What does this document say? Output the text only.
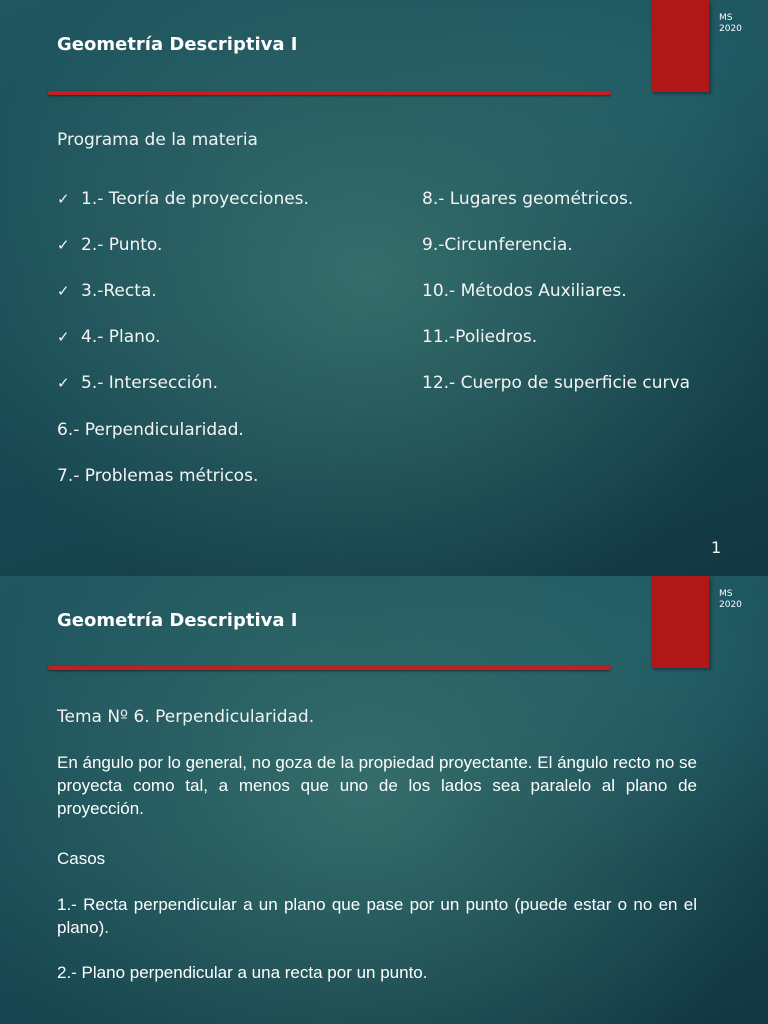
MS
2020
Geometría Descriptiva I
Programa de la materia
✓ 1.- Teoría de proyecciones.
✓ 2.- Punto.
✓ 3.-Recta.
✓ 4.- Plano.
✓ 5.- Intersección.
6.- Perpendicularidad.
7.- Problemas métricos.
8.- Lugares geométricos.
9.-Circunferencia.
10.- Métodos Auxiliares.
11.-Poliedros.
12.- Cuerpo de superficie curva
1
MS
2020
Geometría Descriptiva I
Tema Nº 6. Perpendicularidad.
En ángulo por lo general, no goza de la propiedad proyectante. El ángulo recto no se proyecta como tal, a menos que uno de los lados sea paralelo al plano de proyección.
Casos
1.- Recta perpendicular a un plano que pase por un punto (puede estar o no en el plano).
2.- Plano perpendicular a una recta por un punto.
